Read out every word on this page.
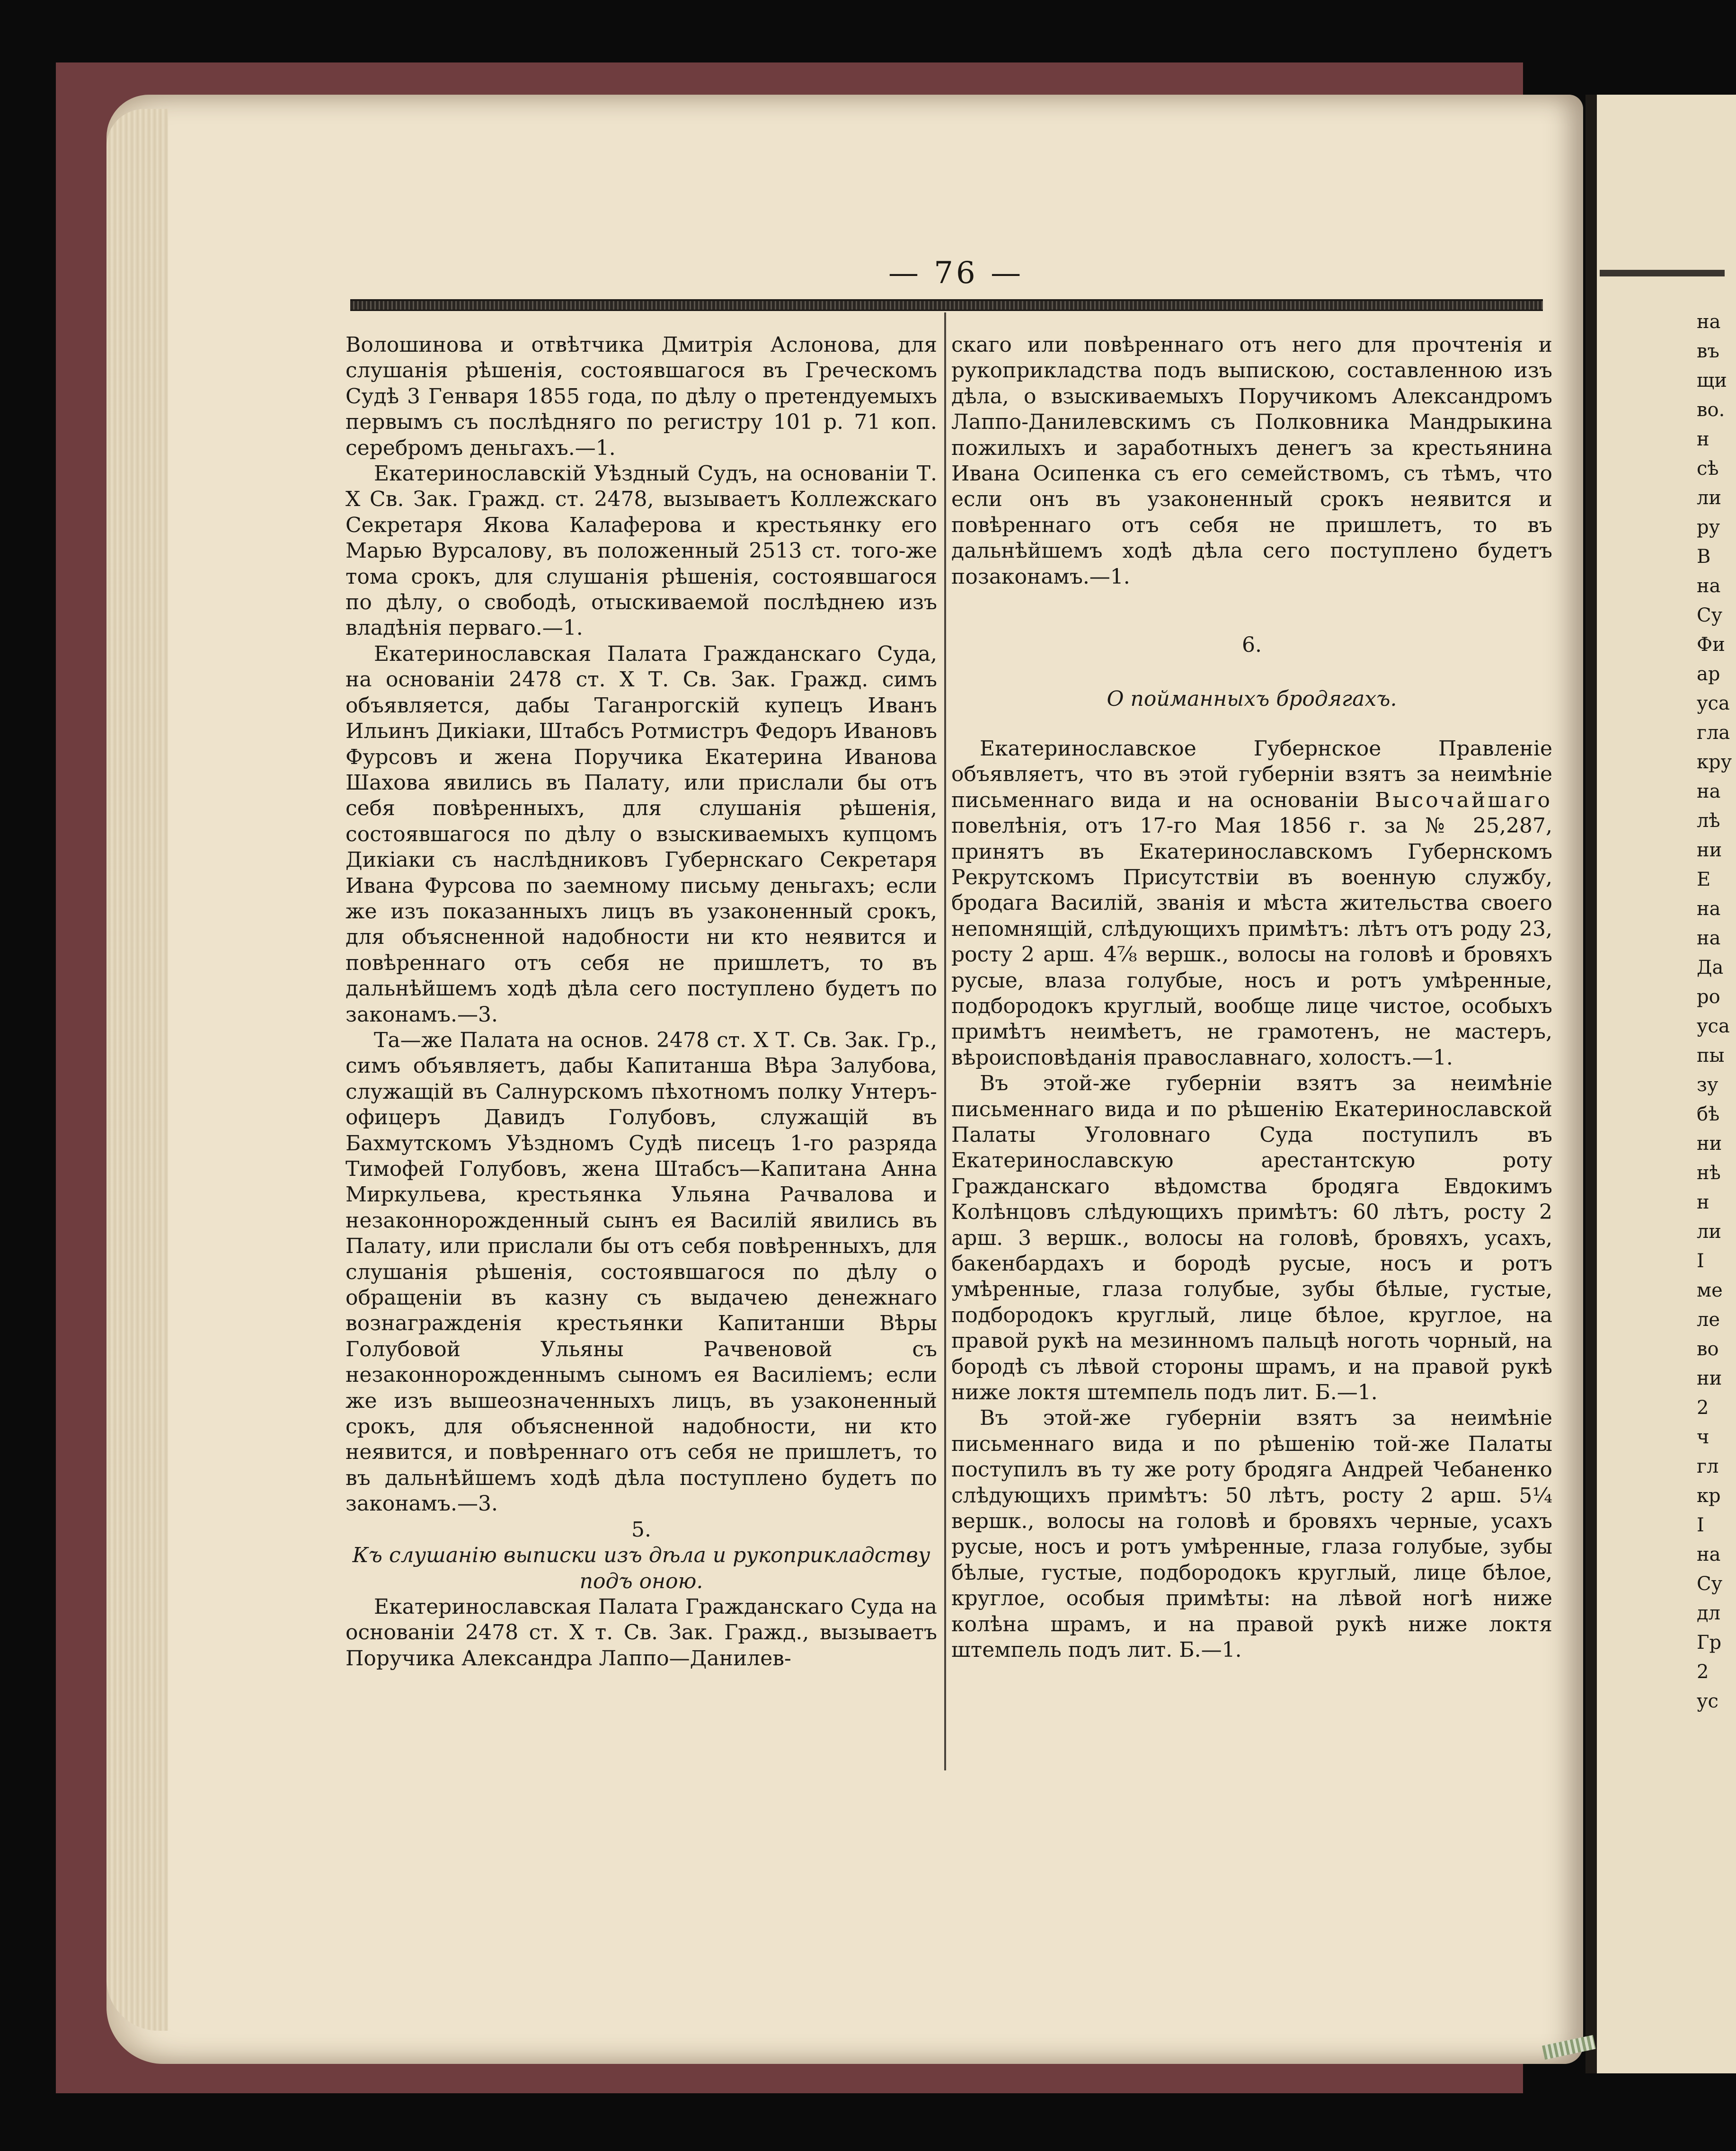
на
въ
щи
во.
н
сѣ
ли
ру
В
на
Су
Фи
ар
уса
гла
кру
на
лѣ
ни
Е
на
на
Да
ро
уса
пы
зу
бѣ
ни
нѣ
н
ли
І
ме
ле
во
ни
2
ч
гл
кр
І
на
Су
дл
Гр
2
ус
— 76 —

Волошинова и отвѣтчика Дмитрія Аслонова, для слушанія рѣшенія, состоявшагося въ Греческомъ Судѣ 3 Генваря 1855 года, по дѣлу о претендуемыхъ первымъ съ послѣдняго по регистру 101 р. 71 коп. серебромъ деньгахъ.—1.

Екатеринославскій Уѣздный Судъ, на основаніи Т. X Св. Зак. Гражд. ст. 2478, вызываетъ Коллежскаго Секретаря Якова Калаферова и крестьянку его Марью Вурсалову, въ положенный 2513 ст. того-же тома срокъ, для слушанія рѣшенія, состоявшагося по дѣлу, о свободѣ, отыскиваемой послѣднею изъ владѣнія перваго.—1.

Екатеринославская Палата Гражданскаго Суда, на основаніи 2478 ст. X Т. Св. Зак. Гражд. симъ объявляется, дабы Таганрогскій купецъ Иванъ Ильинъ Дикіаки, Штабсъ Ротмистръ Федоръ Ивановъ Фурсовъ и жена Поручика Екатерина Иванова Шахова явились въ Палату, или прислали бы отъ себя повѣренныхъ, для слушанія рѣшенія, состоявшагося по дѣлу о взыскиваемыхъ купцомъ Дикіаки съ наслѣдниковъ Губернскаго Секретаря Ивана Фурсова по заемному письму деньгахъ; если же изъ показанныхъ лицъ въ узаконенный срокъ, для объясненной надобности ни кто неявится и повѣреннаго отъ себя не пришлетъ, то въ дальнѣйшемъ ходѣ дѣла сего поступлено будетъ по законамъ.—3.

Та—же Палата на основ. 2478 ст. X Т. Св. Зак. Гр., симъ объявляетъ, дабы Капитанша Вѣра Залубова, служащій въ Салнурскомъ пѣхотномъ полку Унтеръ-офицеръ Давидъ Голубовъ, служащій въ Бахмутскомъ Уѣздномъ Судѣ писецъ 1-го разряда Тимофей Голубовъ, жена Штабсъ—Капитана Анна Миркульева, крестьянка Ульяна Рачвалова и незаконнорожденный сынъ ея Василій явились въ Палату, или прислали бы отъ себя повѣренныхъ, для слушанія рѣшенія, состоявшагося по дѣлу о обращеніи въ казну съ выдачею денежнаго вознагражденія крестьянки Капитанши Вѣры Голубовой Ульяны Рачвеновой съ незаконнорожденнымъ сыномъ ея Василіемъ; если же изъ вышеозначенныхъ лицъ, въ узаконенный срокъ, для объясненной надобности, ни кто неявится, и повѣреннаго отъ себя не пришлетъ, то въ дальнѣйшемъ ходѣ дѣла поступлено будетъ по законамъ.—3.

5.

Къ слушанію выписки изъ дѣла и рукоприкладству подъ оною.

Екатеринославская Палата Гражданскаго Суда на основаніи 2478 ст. X т. Св. Зак. Гражд., вызываетъ Поручика Александра Лаппо—Данилев-

скаго или повѣреннаго отъ него для прочтенія и рукоприкладства подъ выпискою, составленною изъ дѣла, о взыскиваемыхъ Поручикомъ Александромъ Лаппо-Данилевскимъ съ Полковника Мандрыкина пожилыхъ и заработныхъ денегъ за крестьянина Ивана Осипенка съ его семействомъ, съ тѣмъ, что если онъ въ узаконенный срокъ неявится и повѣреннаго отъ себя не пришлетъ, то въ дальнѣйшемъ ходѣ дѣла сего поступлено будетъ позаконамъ.—1.

6.

О пойманныхъ бродягахъ.

Екатеринославское Губернское Правленіе объявляетъ, что въ этой губерніи взятъ за неимѣніе письменнаго вида и на основаніи Высочайшаго повелѣнія, отъ 17-го Мая 1856 г. за № 25,287, принятъ въ Екатеринославскомъ Губернскомъ Рекрутскомъ Присутствіи въ военную службу, бродага Василій, званія и мѣста жительства своего непомнящій, слѣдующихъ примѣтъ: лѣтъ отъ роду 23, росту 2 арш. 4⅞ вершк., волосы на головѣ и бровяхъ русые, влаза голубые, носъ и ротъ умѣренные, подбородокъ круглый, вообще лице чистое, особыхъ примѣтъ неимѣетъ, не грамотенъ, не мастеръ, вѣроисповѣданія православнаго, холостъ.—1.

Въ этой-же губерніи взятъ за неимѣніе письменнаго вида и по рѣшенію Екатеринославской Палаты Уголовнаго Суда поступилъ въ Екатеринославскую арестантскую роту Гражданскаго вѣдомства бродяга Евдокимъ Колѣнцовъ слѣдующихъ примѣтъ: 60 лѣтъ, росту 2 арш. 3 вершк., волосы на головѣ, бровяхъ, усахъ, бакенбардахъ и бородѣ русые, носъ и ротъ умѣренные, глаза голубые, зубы бѣлые, густые, подбородокъ круглый, лице бѣлое, круглое, на правой рукѣ на мезинномъ пальцѣ ноготь чорный, на бородѣ съ лѣвой стороны шрамъ, и на правой рукѣ ниже локтя штемпель подъ лит. Б.—1.

Въ этой-же губерніи взятъ за неимѣніе письменнаго вида и по рѣшенію той-же Палаты поступилъ въ ту же роту бродяга Андрей Чебаненко слѣдующихъ примѣтъ: 50 лѣтъ, росту 2 арш. 5¼ вершк., волосы на головѣ и бровяхъ черные, усахъ русые, носъ и ротъ умѣренные, глаза голубые, зубы бѣлые, густые, подбородокъ круглый, лице бѣлое, круглое, особыя примѣты: на лѣвой ногѣ ниже колѣна шрамъ, и на правой рукѣ ниже локтя штемпель подъ лит. Б.—1.
